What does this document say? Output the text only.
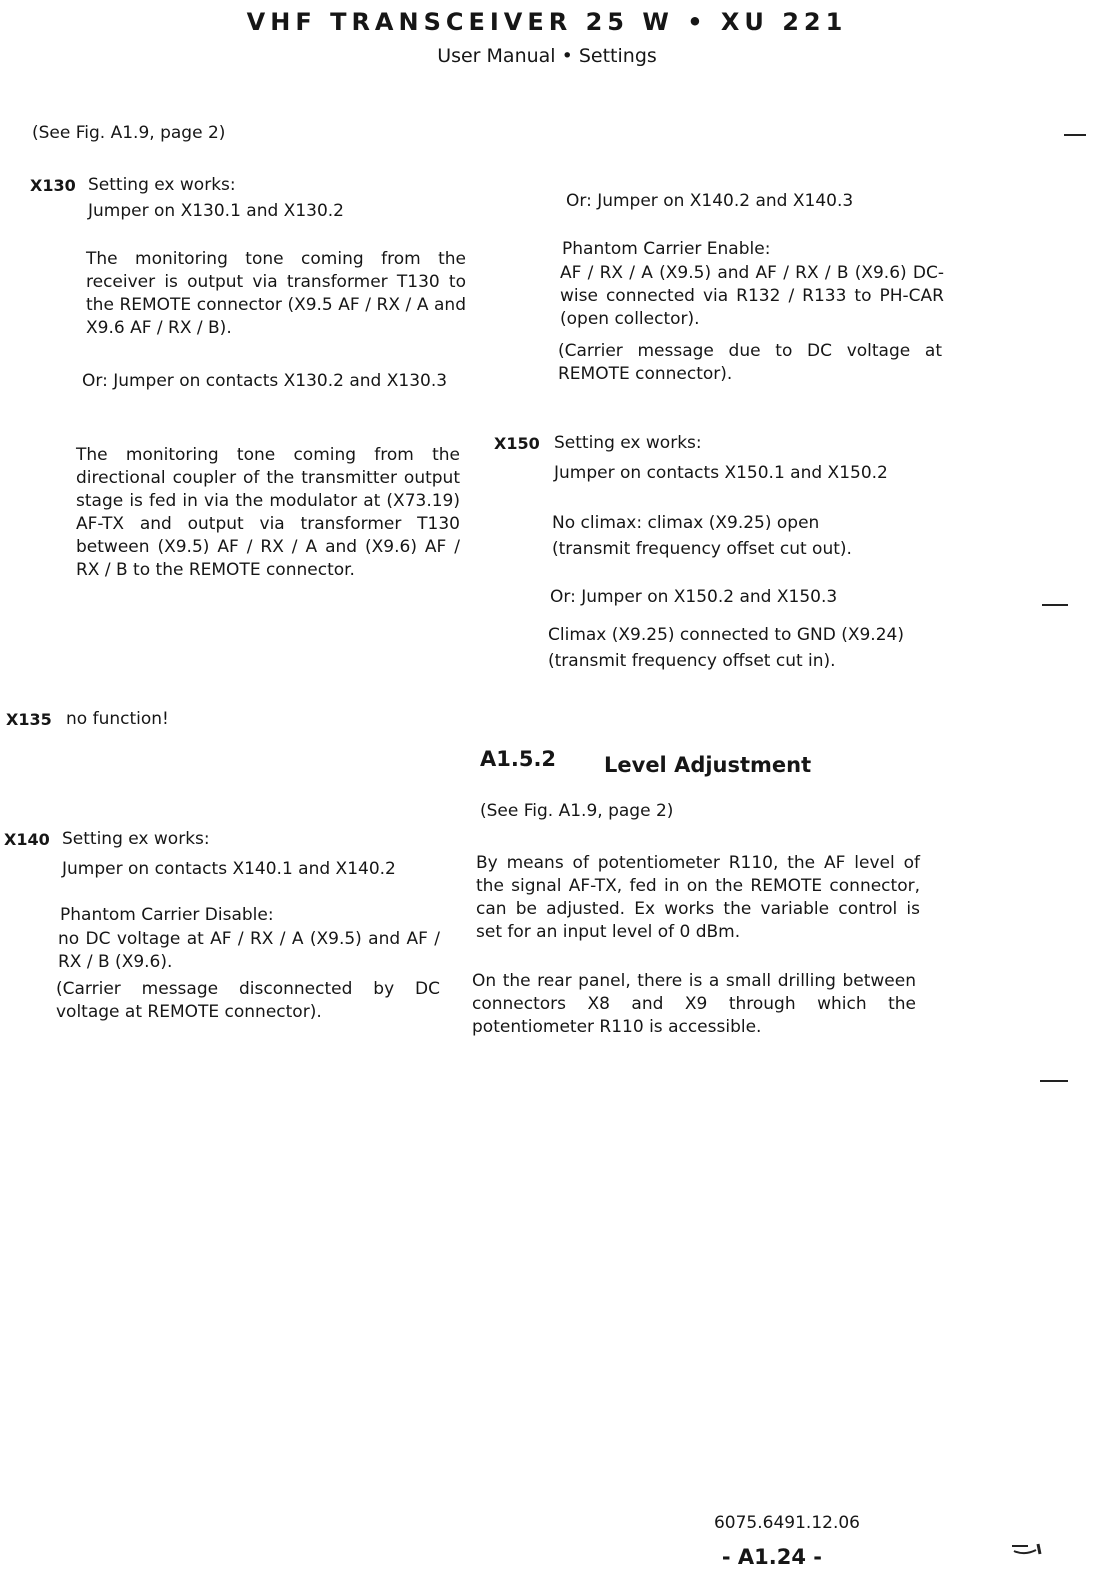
VHF TRANSCEIVER 25 W • XU 221
User Manual • Settings
(See Fig. A1.9, page 2)
X130 Setting ex works:
Jumper on X130.1 and X130.2
The monitoring tone coming from the receiver is output via transformer T130 to the REMOTE connector (X9.5 AF / RX / A and X9.6 AF / RX / B).
Or: Jumper on contacts X130.2 and X130.3
The monitoring tone coming from the directional coupler of the transmitter output stage is fed in via the modulator at (X73.19) AF-TX and output via transformer T130 between (X9.5) AF / RX / A and (X9.6) AF / RX / B to the REMOTE connector.
X135 no function!
X140 Setting ex works:
Jumper on contacts X140.1 and X140.2
Phantom Carrier Disable:
no DC voltage at AF / RX / A (X9.5) and AF / RX / B (X9.6).
(Carrier message disconnected by DC voltage at REMOTE connector).
Or: Jumper on X140.2 and X140.3
Phantom Carrier Enable:
AF / RX / A (X9.5) and AF / RX / B (X9.6) DC-wise connected via R132 / R133 to PH-CAR (open collector).
(Carrier message due to DC voltage at REMOTE connector).
X150 Setting ex works:
Jumper on contacts X150.1 and X150.2
No climax: climax (X9.25) open
(transmit frequency offset cut out).
Or: Jumper on X150.2 and X150.3
Climax (X9.25) connected to GND (X9.24)
(transmit frequency offset cut in).
A1.5.2 Level Adjustment
(See Fig. A1.9, page 2)
By means of potentiometer R110, the AF level of the signal AF-TX, fed in on the REMOTE connector, can be adjusted. Ex works the variable control is set for an input level of 0 dBm.
On the rear panel, there is a small drilling between connectors X8 and X9 through which the potentiometer R110 is accessible.
6075.6491.12.06
- A1.24 -
